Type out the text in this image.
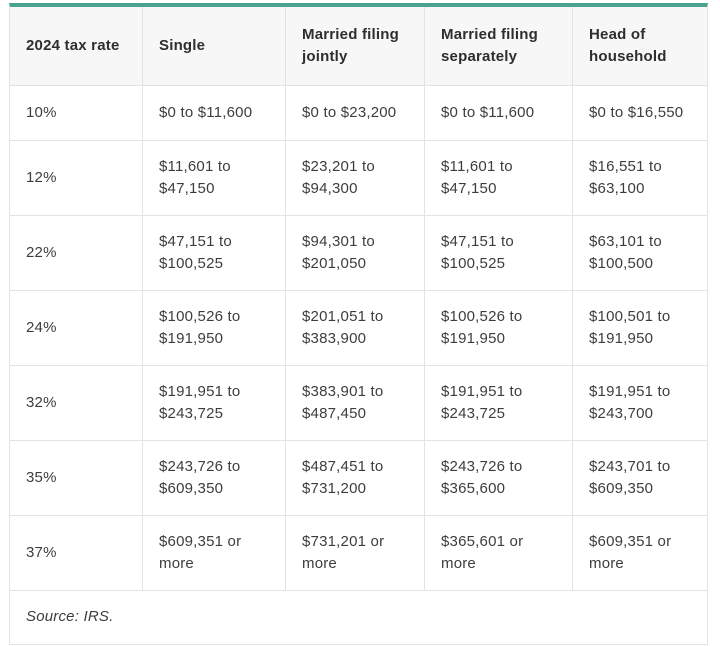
2024 tax rate	Single	Married filing jointly	Married filing separately	Head of household
10%	$0 to $11,600	$0 to $23,200	$0 to $11,600	$0 to $16,550
12%	$11,601 to $47,150	$23,201 to $94,300	$11,601 to $47,150	$16,551 to $63,100
22%	$47,151 to $100,525	$94,301 to $201,050	$47,151 to $100,525	$63,101 to $100,500
24%	$100,526 to $191,950	$201,051 to $383,900	$100,526 to $191,950	$100,501 to $191,950
32%	$191,951 to $243,725	$383,901 to $487,450	$191,951 to $243,725	$191,951 to $243,700
35%	$243,726 to $609,350	$487,451 to $731,200	$243,726 to $365,600	$243,701 to $609,350
37%	$609,351 or more	$731,201 or more	$365,601 or more	$609,351 or more
Source: IRS.				
